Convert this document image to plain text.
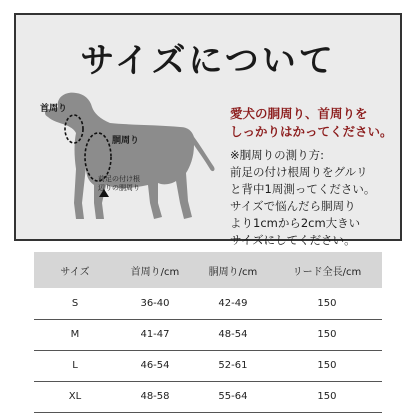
サイズについて
首周り
胴周り
前足の付け根
辺りの胴周り
愛犬の胴周り、首周りを
しっかりはかってください。
※胴周りの測り方:
前足の付け根周りをグルリ
と背中1周測ってください。
サイズで悩んだら胴周り
より1cmから2cm大きい
サイズにしてください。
サイズ	首周り/cm	胴周り/cm	リード全長/cm
S	36-40	42-49	150
M	41-47	48-54	150
L	46-54	52-61	150
XL	48-58	55-64	150
